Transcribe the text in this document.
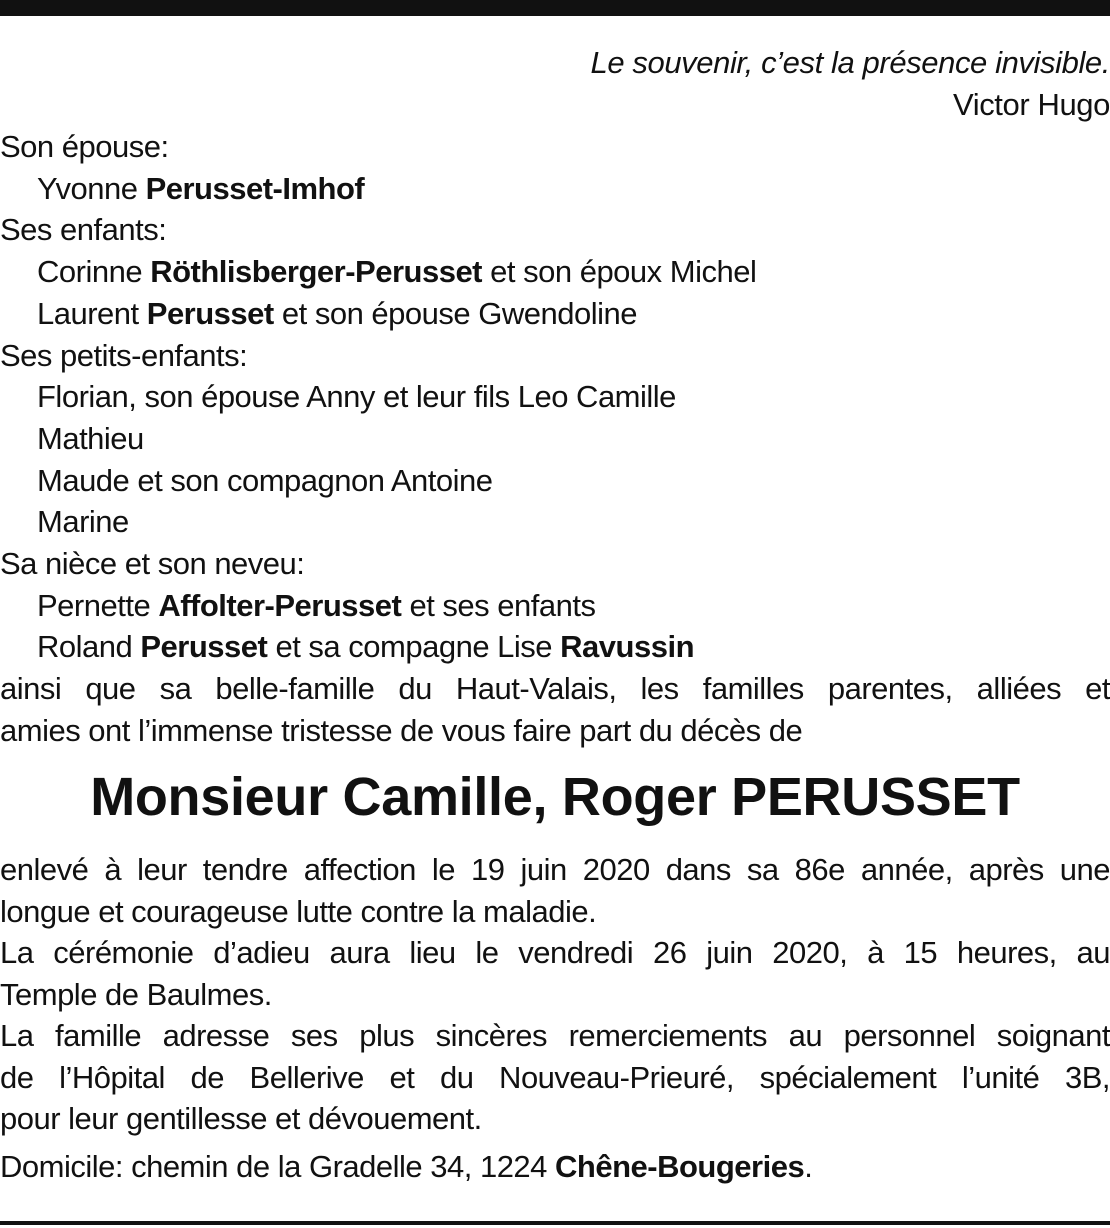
Le souvenir, c’est la présence invisible.
Victor Hugo
Son épouse:
Yvonne Perusset-Imhof
Ses enfants:
Corinne Röthlisberger-Perusset et son époux Michel
Laurent Perusset et son épouse Gwendoline
Ses petits-enfants:
Florian, son épouse Anny et leur fils Leo Camille
Mathieu
Maude et son compagnon Antoine
Marine
Sa nièce et son neveu:
Pernette Affolter-Perusset et ses enfants
Roland Perusset et sa compagne Lise Ravussin
ainsi que sa belle-famille du Haut-Valais, les familles parentes, alliées et
amies ont l’immense tristesse de vous faire part du décès de
Monsieur Camille, Roger PERUSSET
enlevé à leur tendre affection le 19 juin 2020 dans sa 86e année, après une
longue et courageuse lutte contre la maladie.
La cérémonie d’adieu aura lieu le vendredi 26 juin 2020, à 15 heures, au
Temple de Baulmes.
La famille adresse ses plus sincères remerciements au personnel soignant
de l’Hôpital de Bellerive et du Nouveau-Prieuré, spécialement l’unité 3B,
pour leur gentillesse et dévouement.
Domicile: chemin de la Gradelle 34, 1224 Chêne-Bougeries.
